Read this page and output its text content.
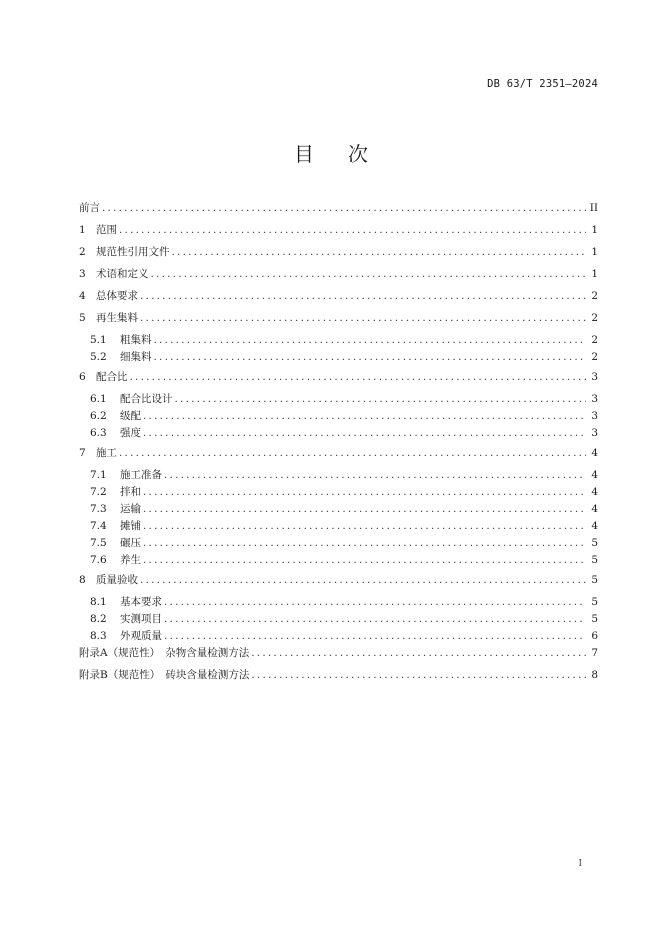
DB 63/T 2351—2024
目次
前言 .....	II
1 范围 .....	1
2 规范性引用文件 .....	1
3 术语和定义 .....	1
4 总体要求 .....	2
5 再生集料 .....	2
5.1	粗集料 .....	2
5.2	细集料 .....	2
6 配合比 .....	3
6.1	配合比设计 .....	3
6.2	级配 .....	3
6.3	强度 .....	3
7 施工 .....	4
7.1	施工准备 .....	4
7.2	拌和 .....	4
7.3	运输 .....	4
7.4	摊铺 .....	4
7.5	碾压 .....	5
7.6	养生 .....	5
8 质量验收 .....	5
8.1	基本要求 .....	5
8.2	实测项目 .....	5
8.3	外观质量 .....	6
附录A（规范性） 杂物含量检测方法 .....	7
附录B（规范性） 砖块含量检测方法 .....	8
I
